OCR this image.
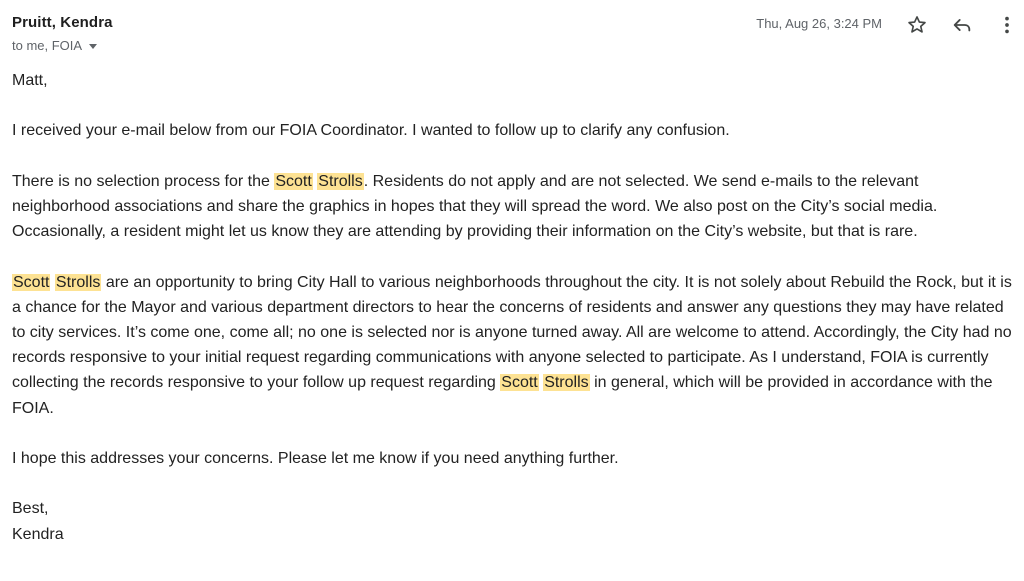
Pruitt, Kendra
to me, FOIA
Thu, Aug 26, 3:24 PM

Matt,

I received your e-mail below from our FOIA Coordinator. I wanted to follow up to clarify any confusion.

There is no selection process for the Scott Strolls. Residents do not apply and are not selected. We send e-mails to the relevant neighborhood associations and share the graphics in hopes that they will spread the word. We also post on the City’s social media. Occasionally, a resident might let us know they are attending by providing their information on the City’s website, but that is rare.

Scott Strolls are an opportunity to bring City Hall to various neighborhoods throughout the city. It is not solely about Rebuild the Rock, but it is a chance for the Mayor and various department directors to hear the concerns of residents and answer any questions they may have related to city services. It’s come one, come all; no one is selected nor is anyone turned away. All are welcome to attend. Accordingly, the City had no records responsive to your initial request regarding communications with anyone selected to participate. As I understand, FOIA is currently collecting the records responsive to your follow up request regarding Scott Strolls in general, which will be provided in accordance with the FOIA.

I hope this addresses your concerns. Please let me know if you need anything further.

Best,
Kendra
